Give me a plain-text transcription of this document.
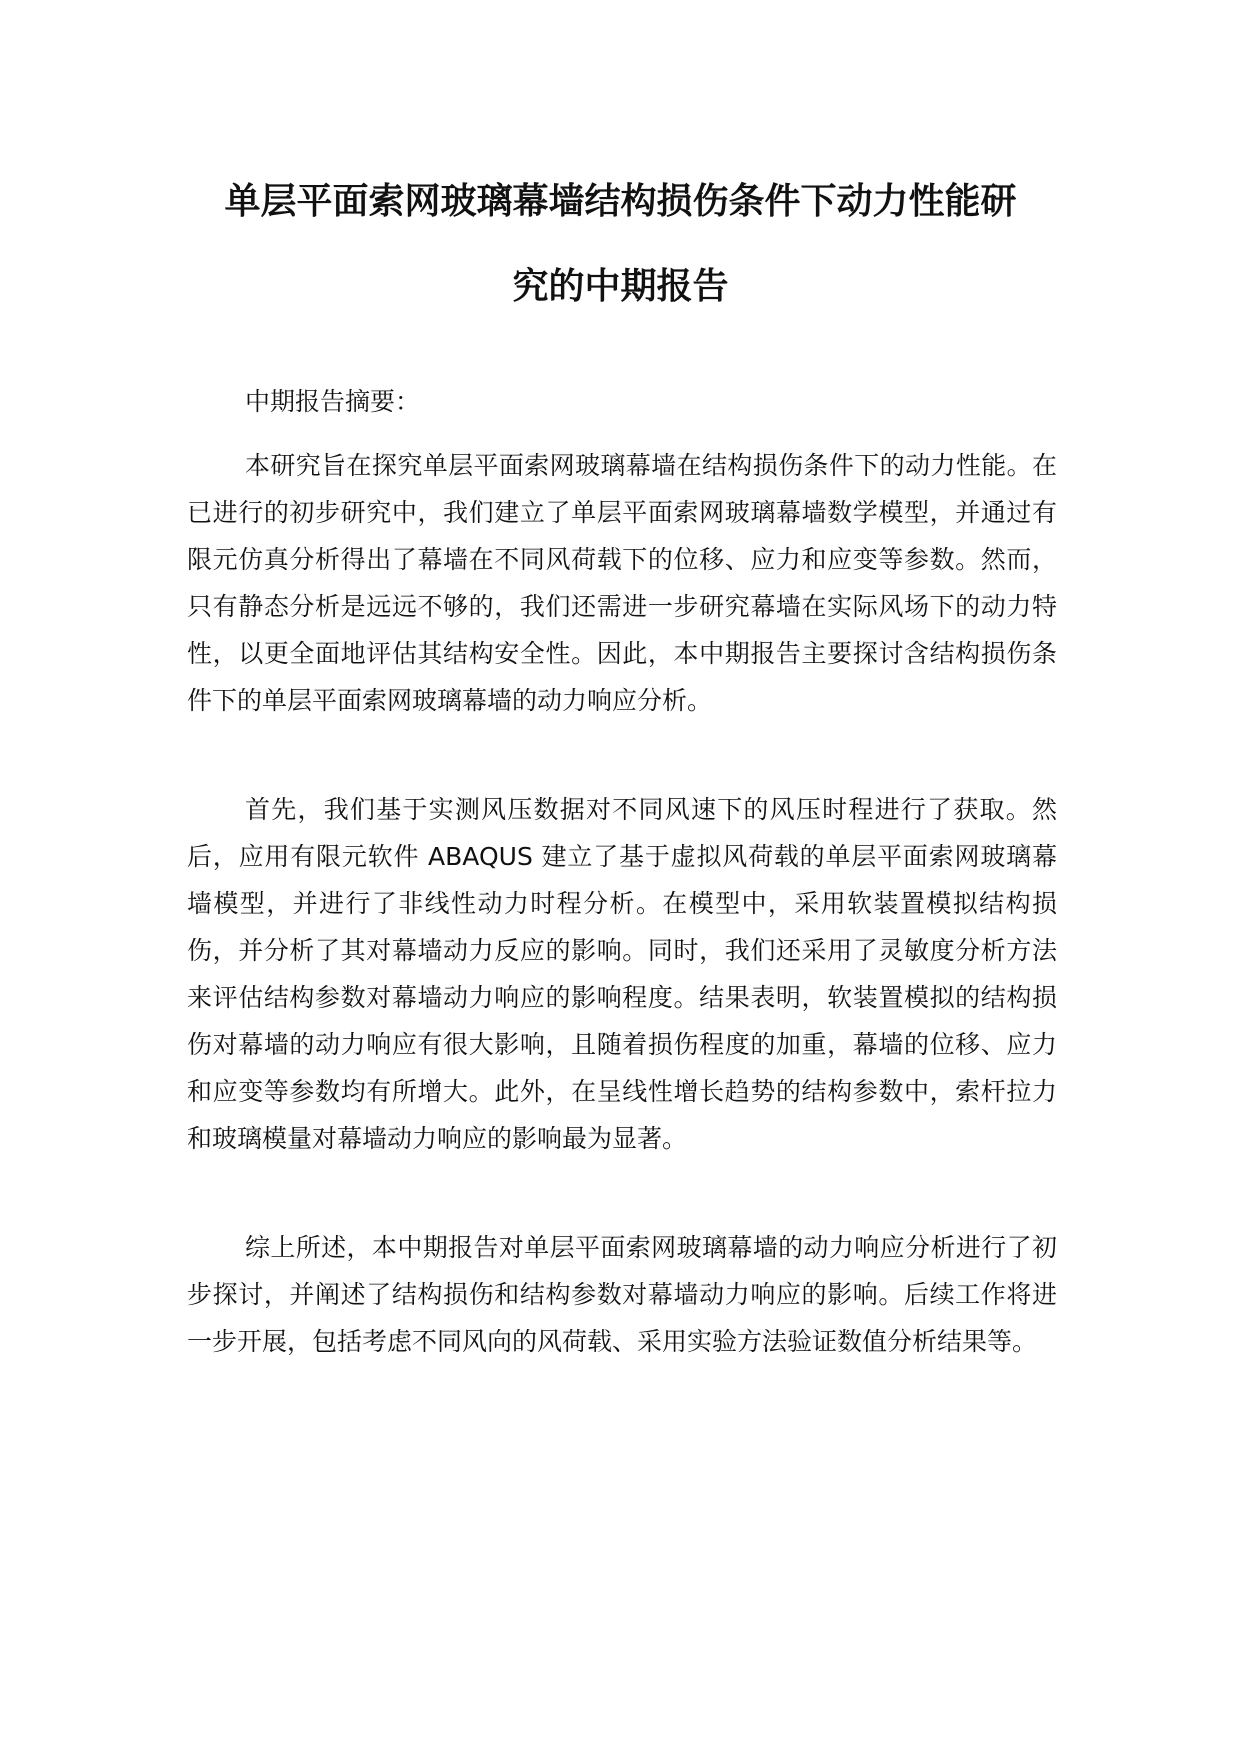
单层平面索网玻璃幕墙结构损伤条件下动力性能研
究的中期报告

中期报告摘要：

本研究旨在探究单层平面索网玻璃幕墙在结构损伤条件下的动力性能。在已进行的初步研究中，我们建立了单层平面索网玻璃幕墙数学模型，并通过有限元仿真分析得出了幕墙在不同风荷载下的位移、应力和应变等参数。然而，只有静态分析是远远不够的，我们还需进一步研究幕墙在实际风场下的动力特性，以更全面地评估其结构安全性。因此，本中期报告主要探讨含结构损伤条件下的单层平面索网玻璃幕墙的动力响应分析。

首先，我们基于实测风压数据对不同风速下的风压时程进行了获取。然后，应用有限元软件 ABAQUS 建立了基于虚拟风荷载的单层平面索网玻璃幕墙模型，并进行了非线性动力时程分析。在模型中，采用软装置模拟结构损伤，并分析了其对幕墙动力反应的影响。同时，我们还采用了灵敏度分析方法来评估结构参数对幕墙动力响应的影响程度。结果表明，软装置模拟的结构损伤对幕墙的动力响应有很大影响，且随着损伤程度的加重，幕墙的位移、应力和应变等参数均有所增大。此外，在呈线性增长趋势的结构参数中，索杆拉力和玻璃模量对幕墙动力响应的影响最为显著。

综上所述，本中期报告对单层平面索网玻璃幕墙的动力响应分析进行了初步探讨，并阐述了结构损伤和结构参数对幕墙动力响应的影响。后续工作将进一步开展，包括考虑不同风向的风荷载、采用实验方法验证数值分析结果等。
